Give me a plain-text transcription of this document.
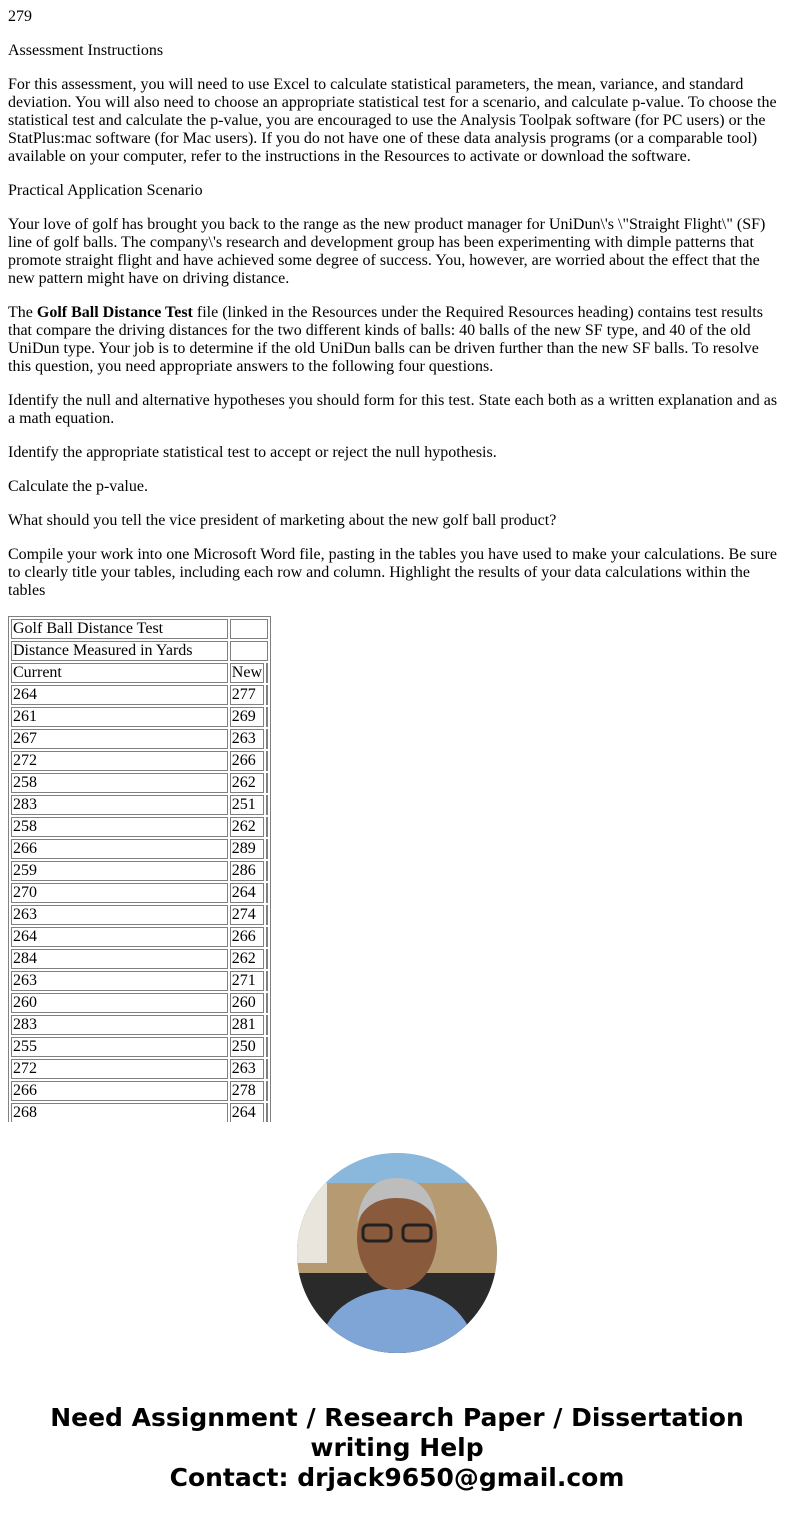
279

Assessment Instructions

For this assessment, you will need to use Excel to calculate statistical parameters, the mean, variance, and standard deviation. You will also need to choose an appropriate statistical test for a scenario, and calculate p-value. To choose the statistical test and calculate the p-value, you are encouraged to use the Analysis Toolpak software (for PC users) or the StatPlus:mac software (for Mac users). If you do not have one of these data analysis programs (or a comparable tool) available on your computer, refer to the instructions in the Resources to activate or download the software.

Practical Application Scenario

Your love of golf has brought you back to the range as the new product manager for UniDun\'s \"Straight Flight\" (SF) line of golf balls. The company\'s research and development group has been experimenting with dimple patterns that promote straight flight and have achieved some degree of success. You, however, are worried about the effect that the new pattern might have on driving distance.

The Golf Ball Distance Test file (linked in the Resources under the Required Resources heading) contains test results that compare the driving distances for the two different kinds of balls: 40 balls of the new SF type, and 40 of the old UniDun type. Your job is to determine if the old UniDun balls can be driven further than the new SF balls. To resolve this question, you need appropriate answers to the following four questions.

Identify the null and alternative hypotheses you should form for this test. State each both as a written explanation and as a math equation.

Identify the appropriate statistical test to accept or reject the null hypothesis.

Calculate the p-value.

What should you tell the vice president of marketing about the new golf ball product?

Compile your work into one Microsoft Word file, pasting in the tables you have used to make your calculations. Be sure to clearly title your tables, including each row and column. Highlight the results of your data calculations within the tables

Golf Ball Distance Test		
Distance Measured in Yards		
Current	New	
264	277	
261	269	
267	263	
272	266	
258	262	
283	251	
258	262	
266	289	
259	286	
270	264	
263	274	
264	266	
284	262	
263	271	
260	260	
283	281	
255	250	
272	263	
266	278	
268	264	
Need Assignment / Research Paper / Dissertation
writing Help
Contact: drjack9650@gmail.com
